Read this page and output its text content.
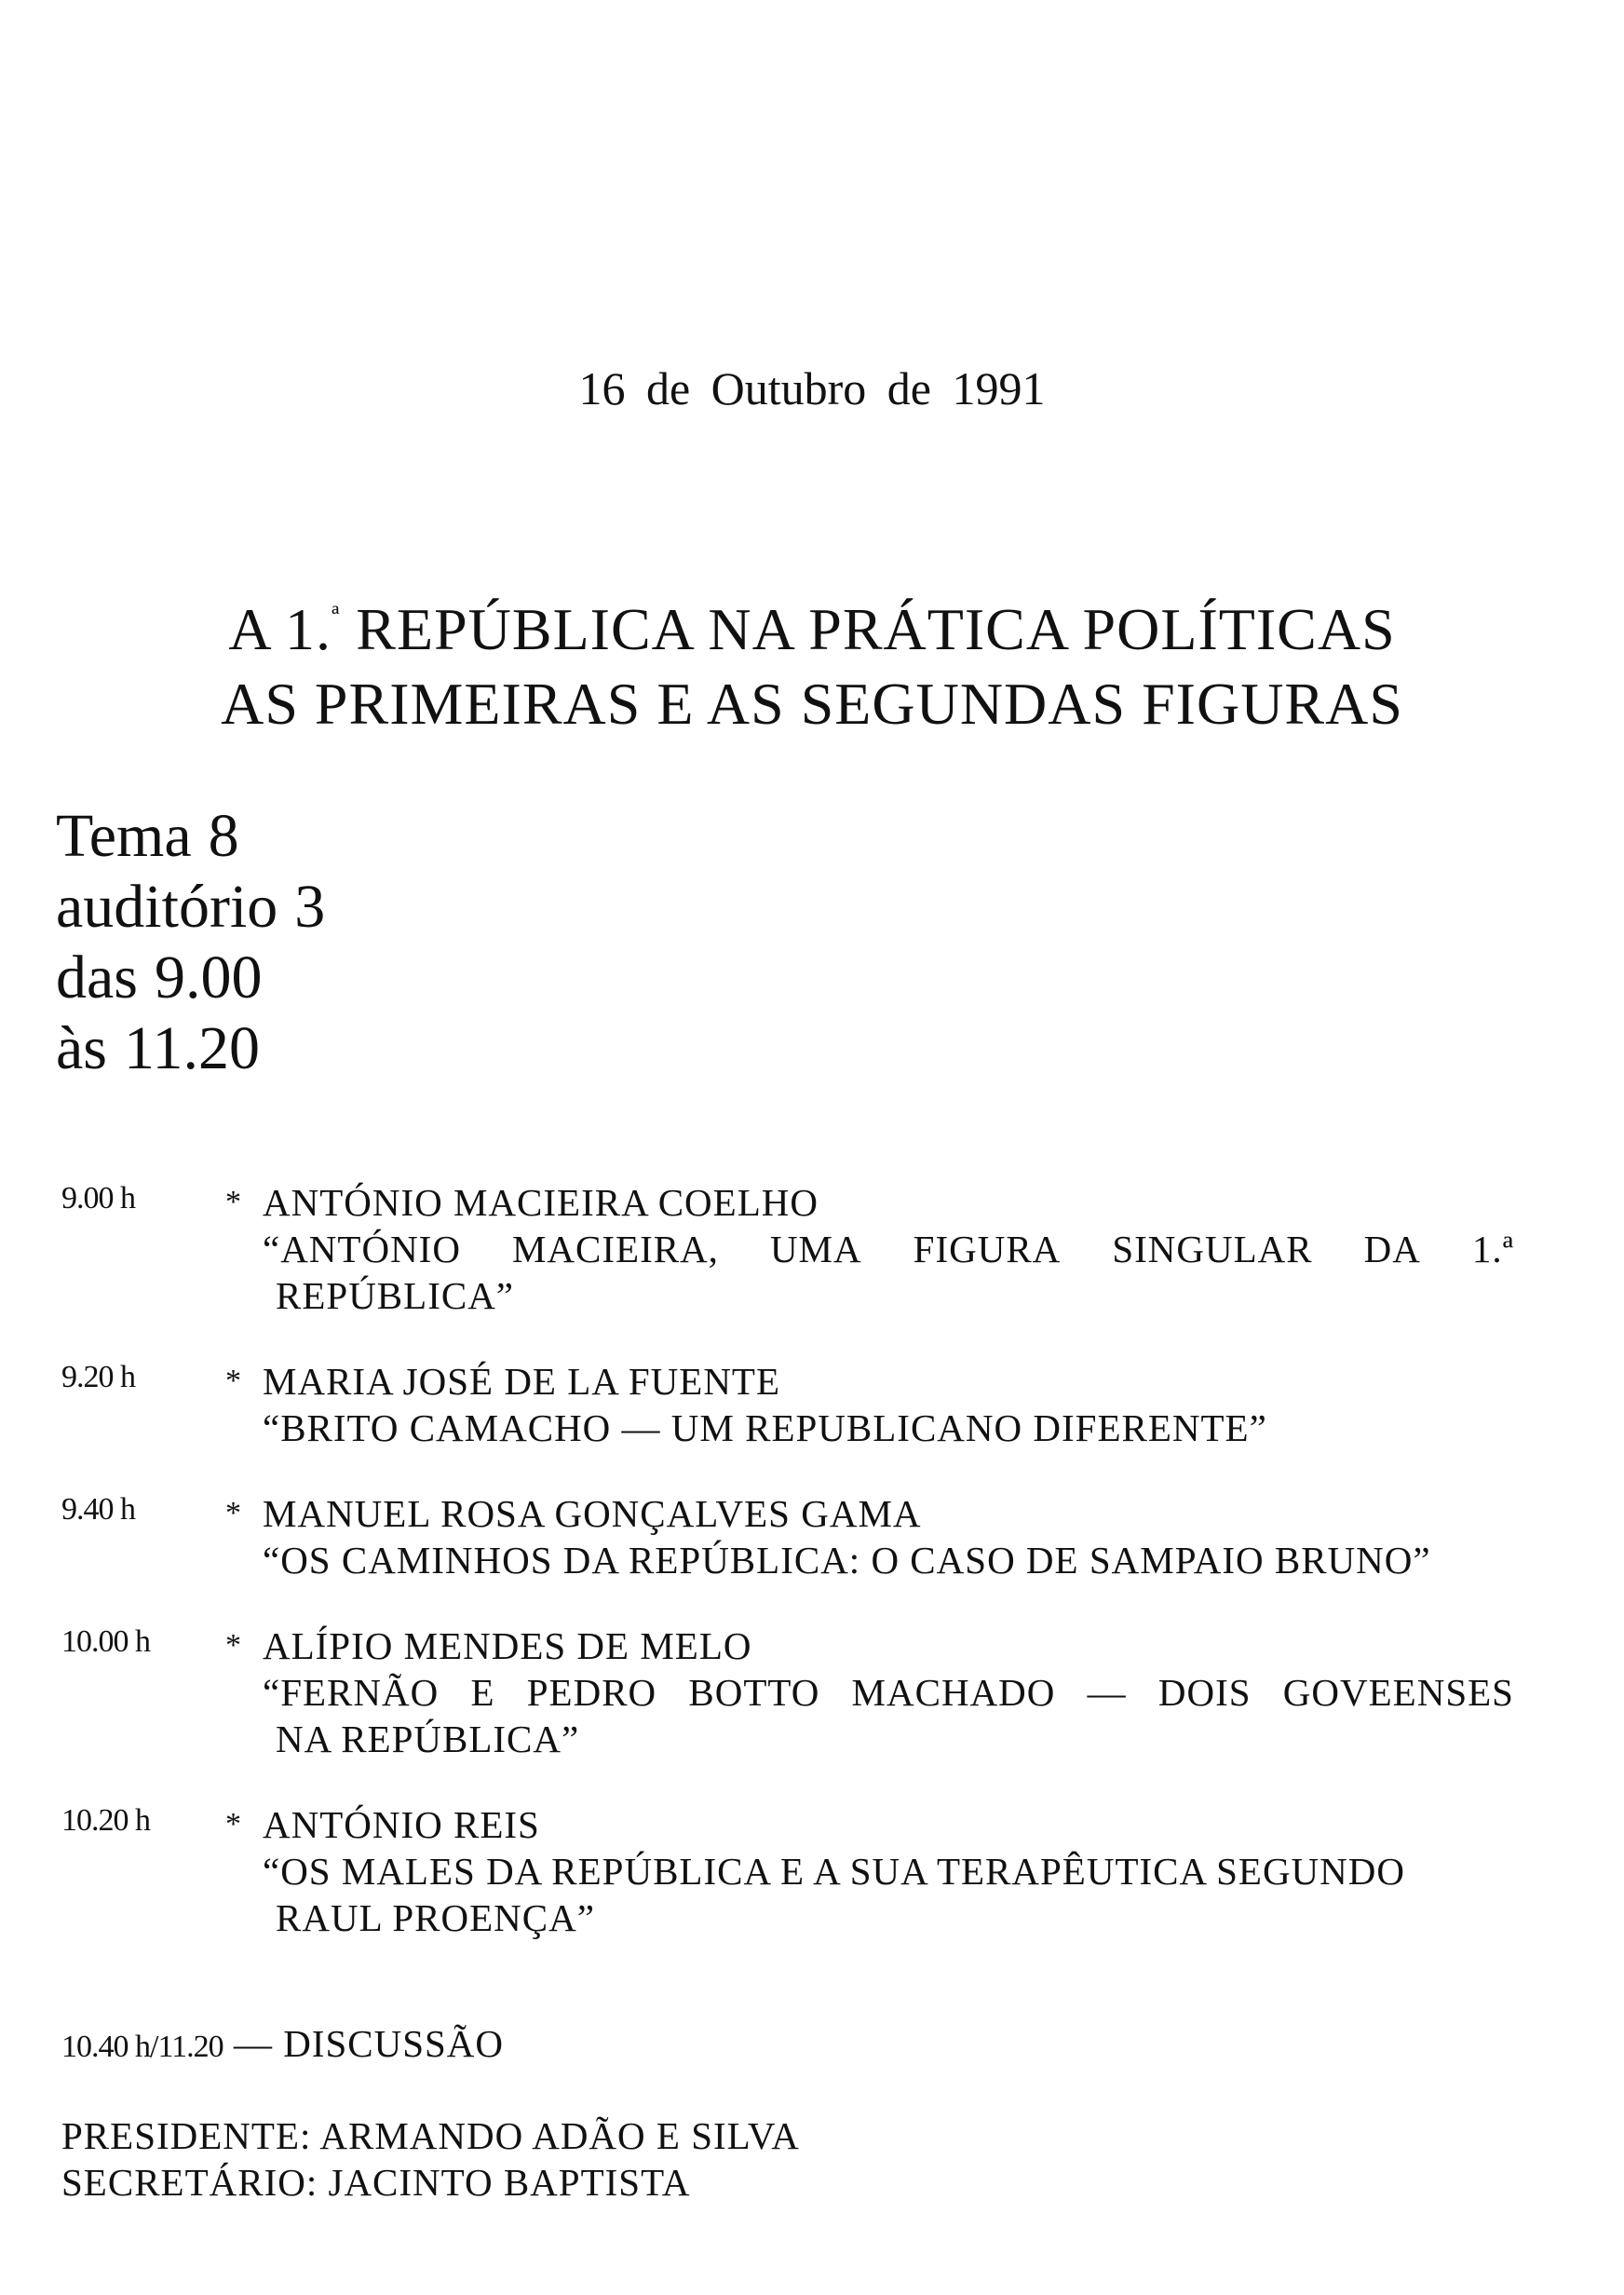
16 de Outubro de 1991
A 1.$^ª$ REPÚBLICA NA PRÁTICA POLÍTICAS
AS PRIMEIRAS E AS SEGUNDAS FIGURAS
Tema 8
auditório 3
das 9.00
às 11.20
9.00 h	* ANTÓNIO MACIEIRA COELHO
“ANTÓNIO MACIEIRA, UMA FIGURA SINGULAR DA 1.ª
REPÚBLICA”
9.20 h	* MARIA JOSÉ DE LA FUENTE
“BRITO CAMACHO — UM REPUBLICANO DIFERENTE”
9.40 h	* MANUEL ROSA GONÇALVES GAMA
“OS CAMINHOS DA REPÚBLICA: O CASO DE SAMPAIO BRUNO”
10.00 h * ALÍPIO MENDES DE MELO
“FERNÃO E PEDRO BOTTO MACHADO — DOIS GOVEENSES
NA REPÚBLICA”
10.20 h * ANTÓNIO REIS
“OS MALES DA REPÚBLICA E A SUA TERAPÊUTICA SEGUNDO
RAUL PROENÇA”
10.40 h/11.20 — DISCUSSÃO
PRESIDENTE: ARMANDO ADÃO E SILVA
SECRETÁRIO: JACINTO BAPTISTA
